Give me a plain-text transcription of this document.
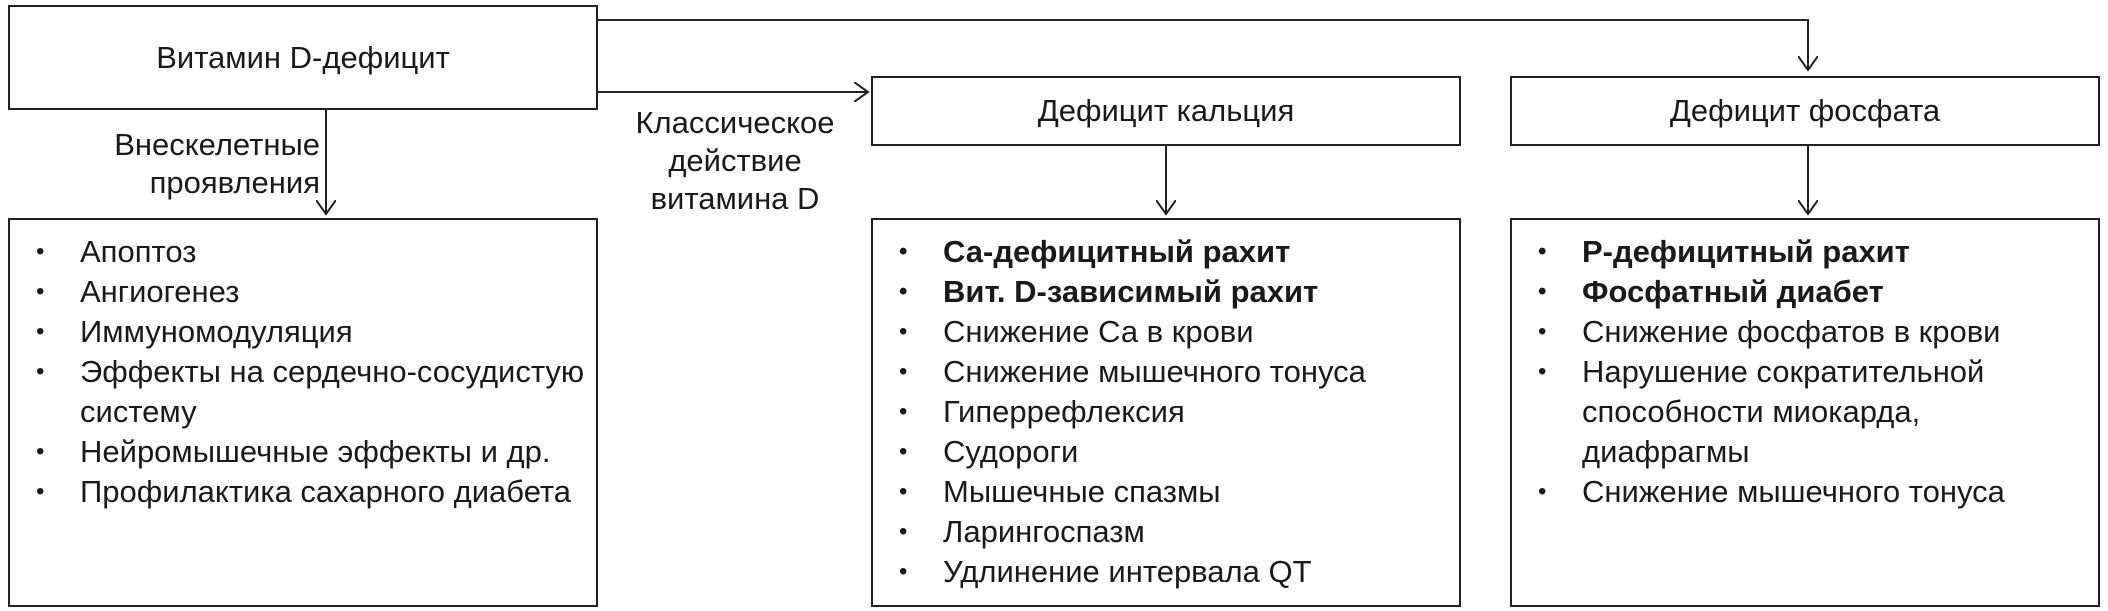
Витамин D-дефицит
Дефицит кальция	Дефицит фосфата
Внескелетные
проявления
Классическое
действие
витамина D
• Апоптоз
• Ангиогенез
• Иммуномодуляция
• Эффекты на сердечно-сосудистую систему
• Нейромышечные эффекты и др.
• Профилактика сахарного диабета
• Са-дефицитный рахит
• Вит. D-зависимый рахит
• Снижение Са в крови
• Снижение мышечного тонуса
• Гиперрефлексия
• Судороги
• Мышечные спазмы
• Ларингоспазм
• Удлинение интервала QT
• Р-дефицитный рахит
• Фосфатный диабет
• Снижение фосфатов в крови
• Нарушение сократительной способности миокарда, диафрагмы
• Снижение мышечного тонуса
